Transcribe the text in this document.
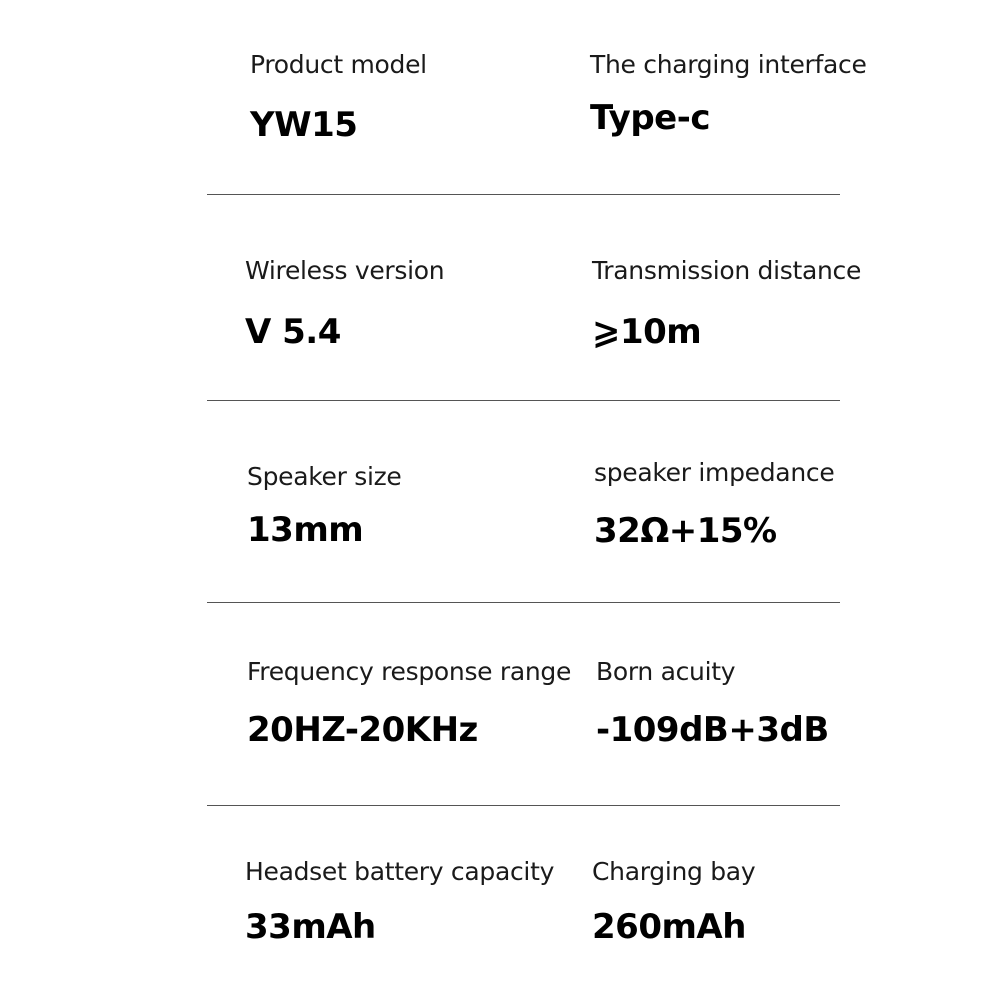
Product model
YW15
The charging interface
Type-c
Wireless version
V 5.4
Transmission distance
⩾10m
Speaker size
13mm
speaker impedance
32Ω+15%
Frequency response range
20HZ-20KHz
Born acuity
-109dB+3dB
Headset battery capacity
33mAh
Charging bay
260mAh
